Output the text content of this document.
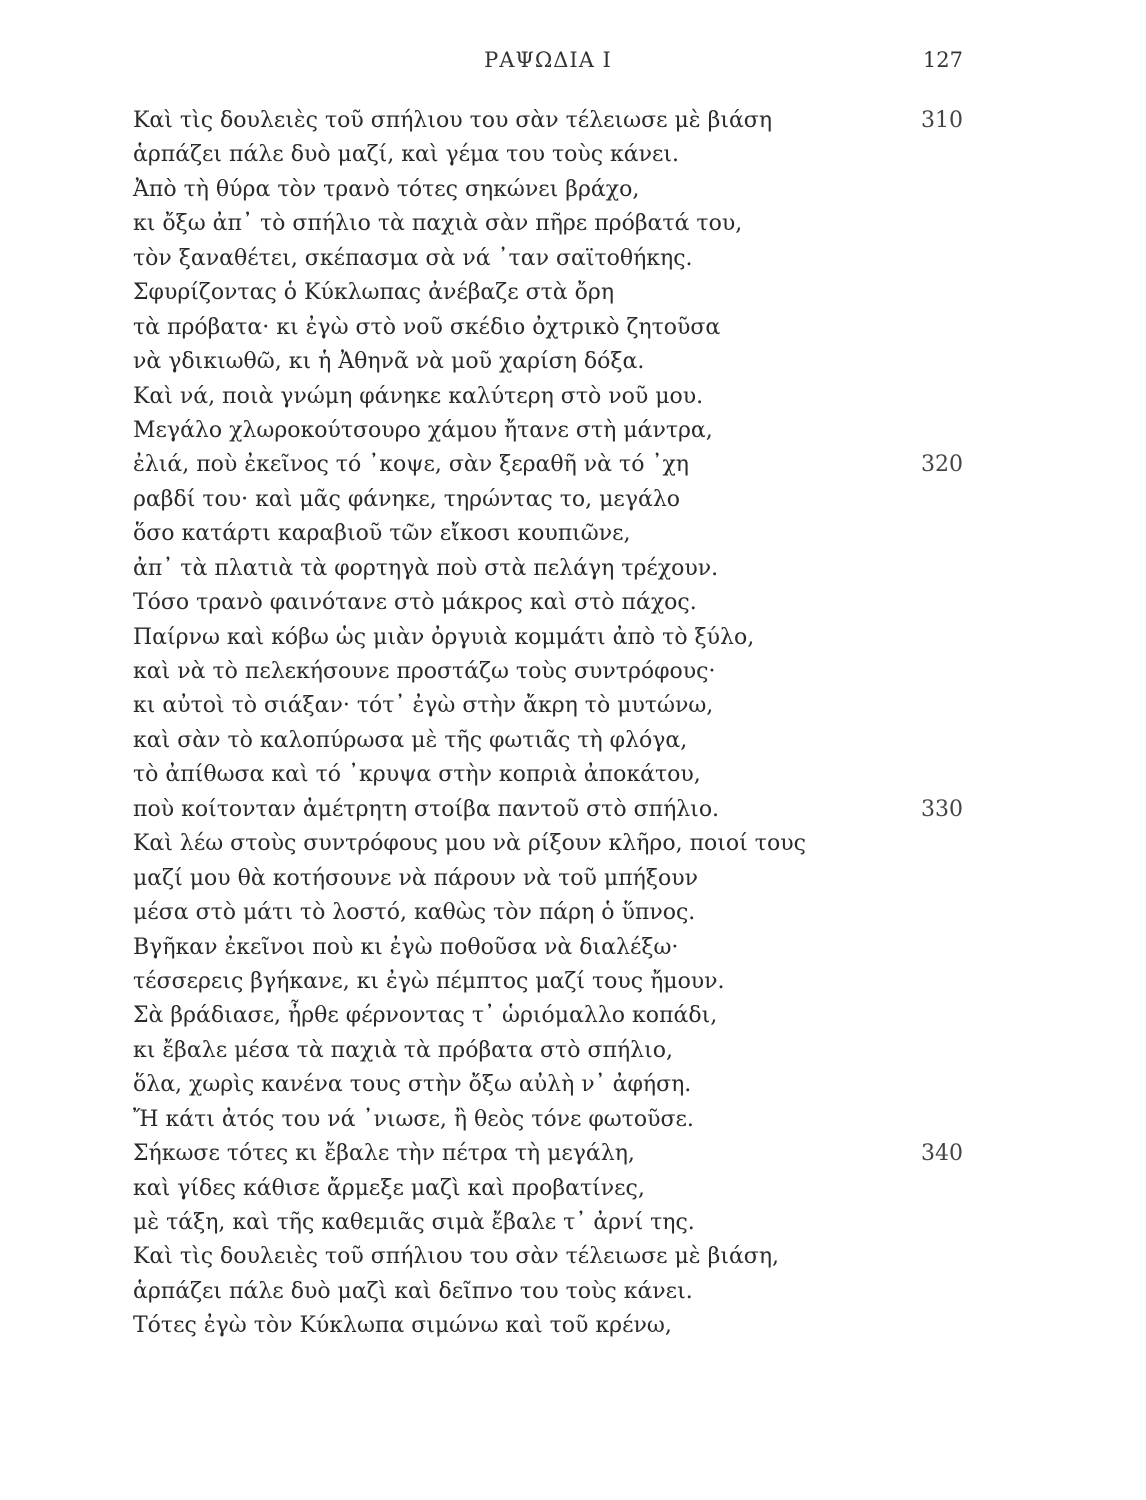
ΡΑΨΩΔΙΑ Ι	127
Καὶ τὶς δουλειὲς τοῦ σπήλιου του σὰν τέλειωσε μὲ βιάση	310
ἁρπάζει πάλε δυὸ μαζί, καὶ γέμα του τοὺς κάνει.
Ἀπὸ τὴ θύρα τὸν τρανὸ τότες σηκώνει βράχο,
κι ὄξω ἀπ᾽ τὸ σπήλιο τὰ παχιὰ σὰν πῆρε πρόβατά του,
τὸν ξαναθέτει, σκέπασμα σὰ νά ᾽ταν σαϊτοθήκης.
Σφυρίζοντας ὁ Κύκλωπας ἀνέβαζε στὰ ὄρη
τὰ πρόβατα· κι ἐγὼ στὸ νοῦ σκέδιο ὀχτρικὸ ζητοῦσα
νὰ γδικιωθῶ, κι ἡ Ἀθηνᾶ νὰ μοῦ χαρίση δόξα.
Καὶ νά, ποιὰ γνώμη φάνηκε καλύτερη στὸ νοῦ μου.
Μεγάλο χλωροκούτσουρο χάμου ἤτανε στὴ μάντρα,
ἐλιά, ποὺ ἐκεῖνος τό ᾽κοψε, σὰν ξεραθῆ νὰ τό ᾽χη	320
ραβδί του· καὶ μᾶς φάνηκε, τηρώντας το, μεγάλο
ὅσο κατάρτι καραβιοῦ τῶν εἴκοσι κουπιῶνε,
ἀπ᾽ τὰ πλατιὰ τὰ φορτηγὰ ποὺ στὰ πελάγη τρέχουν.
Τόσο τρανὸ φαινότανε στὸ μάκρος καὶ στὸ πάχος.
Παίρνω καὶ κόβω ὡς μιὰν ὀργυιὰ κομμάτι ἀπὸ τὸ ξύλο,
καὶ νὰ τὸ πελεκήσουνε προστάζω τοὺς συντρόφους·
κι αὐτοὶ τὸ σιάξαν· τότ᾽ ἐγὼ στὴν ἄκρη τὸ μυτώνω,
καὶ σὰν τὸ καλοπύρωσα μὲ τῆς φωτιᾶς τὴ φλόγα,
τὸ ἀπίθωσα καὶ τό ᾽κρυψα στὴν κοπριὰ ἀποκάτου,
ποὺ κοίτονταν ἀμέτρητη στοίβα παντοῦ στὸ σπήλιο.	330
Καὶ λέω στοὺς συντρόφους μου νὰ ρίξουν κλῆρο, ποιοί τους
μαζί μου θὰ κοτήσουνε νὰ πάρουν νὰ τοῦ μπήξουν
μέσα στὸ μάτι τὸ λοστό, καθὼς τὸν πάρη ὁ ὕπνος.
Βγῆκαν ἐκεῖνοι ποὺ κι ἐγὼ ποθοῦσα νὰ διαλέξω·
τέσσερεις βγήκανε, κι ἐγὼ πέμπτος μαζί τους ἤμουν.
Σὰ βράδιασε, ἦρθε φέρνοντας τ᾽ ὡριόμαλλο κοπάδι,
κι ἔβαλε μέσα τὰ παχιὰ τὰ πρόβατα στὸ σπήλιο,
ὅλα, χωρὶς κανένα τους στὴν ὄξω αὐλὴ ν᾽ ἀφήση.
Ἤ κάτι ἀτός του νά ᾽νιωσε, ἢ θεὸς τόνε φωτοῦσε.
Σήκωσε τότες κι ἔβαλε τὴν πέτρα τὴ μεγάλη,	340
καὶ γίδες κάθισε ἄρμεξε μαζὶ καὶ προβατίνες,
μὲ τάξη, καὶ τῆς καθεμιᾶς σιμὰ ἔβαλε τ᾽ ἀρνί της.
Καὶ τὶς δουλειὲς τοῦ σπήλιου του σὰν τέλειωσε μὲ βιάση,
ἁρπάζει πάλε δυὸ μαζὶ καὶ δεῖπνο του τοὺς κάνει.
Τότες ἐγὼ τὸν Κύκλωπα σιμώνω καὶ τοῦ κρένω,
